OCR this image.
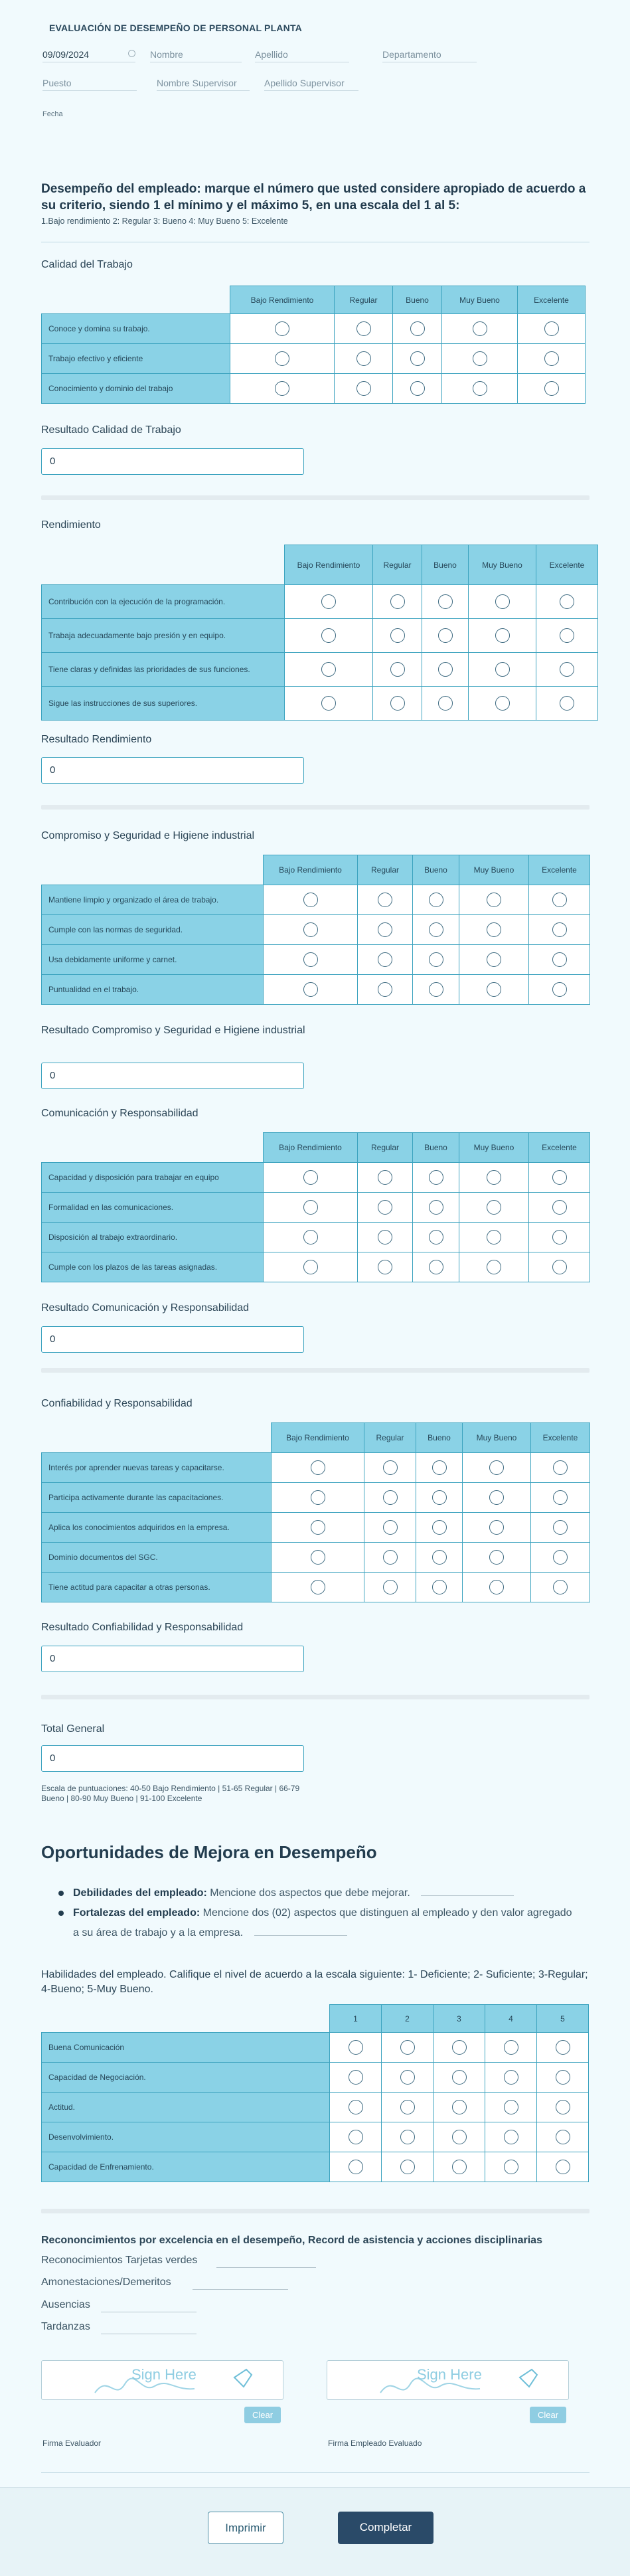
EVALUACIÓN DE DESEMPEÑO DE PERSONAL PLANTA
09/09/2024
Fecha
Nombre	Apellido	Departamento
Puesto	Nombre Supervisor	Apellido Supervisor
Desempeño del empleado: marque el número que usted considere apropiado de acuerdo a su criterio, siendo 1 el mínimo y el máximo 5, en una escala del 1 al 5:
1.Bajo rendimiento 2: Regular 3: Bueno 4: Muy Bueno 5: Excelente
Calidad del Trabajo
	Bajo Rendimiento	Regular	Bueno	Muy Bueno	Excelente
Conoce y domina su trabajo.					
Trabajo efectivo y eficiente					
Conocimiento y dominio del trabajo					
Resultado Calidad de Trabajo
0
Rendimiento
	Bajo Rendimiento	Regular	Bueno	Muy Bueno	Excelente
Contribución con la ejecución de la programación.					
Trabaja adecuadamente bajo presión y en equipo.					
Tiene claras y definidas las prioridades de sus funciones.					
Sigue las instrucciones de sus superiores.					
Resultado Rendimiento
0
Compromiso y Seguridad e Higiene industrial
	Bajo Rendimiento	Regular	Bueno	Muy Bueno	Excelente
Mantiene limpio y organizado el área de trabajo.					
Cumple con las normas de seguridad.					
Usa debidamente uniforme y carnet.					
Puntualidad en el trabajo.					
Resultado Compromiso y Seguridad e Higiene industrial
0
Comunicación y Responsabilidad
	Bajo Rendimiento	Regular	Bueno	Muy Bueno	Excelente
Capacidad y disposición para trabajar en equipo					
Formalidad en las comunicaciones.					
Disposición al trabajo extraordinario.					
Cumple con los plazos de las tareas asignadas.					
Resultado Comunicación y Responsabilidad
0
Confiabilidad y Responsabilidad
	Bajo Rendimiento	Regular	Bueno	Muy Bueno	Excelente
Interés por aprender nuevas tareas y capacitarse.					
Participa activamente durante las capacitaciones.					
Aplica los conocimientos adquiridos en la empresa.					
Dominio documentos del SGC.					
Tiene actitud para capacitar a otras personas.					
Resultado Confiabilidad y Responsabilidad
0
Total General
0
Escala de puntuaciones: 40-50 Bajo Rendimiento | 51-65 Regular | 66-79 Bueno | 80-90 Muy Bueno | 91-100 Excelente
Oportunidades de Mejora en Desempeño
Debilidades del empleado: Mencione dos aspectos que debe mejorar.
Fortalezas del empleado: Mencione dos (02) aspectos que distinguen al empleado y den valor agregado a su área de trabajo y a la empresa.
Habilidades del empleado. Califique el nivel de acuerdo a la escala siguiente: 1- Deficiente; 2- Suficiente; 3-Regular; 4-Bueno; 5-Muy Bueno.
	1	2	3	4	5
Buena Comunicación					
Capacidad de Negociación.					
Actitud.					
Desenvolvimiento.					
Capacidad de Enfrenamiento.					
Recononcimientos por excelencia en el desempeño, Record de asistencia y acciones disciplinarias
Reconocimientos Tarjetas verdes
Amonestaciones/Demeritos
Ausencias
Tardanzas
Sign Here
Clear
Firma Evaluador
Sign Here
Clear
Firma Empleado Evaluado
Imprimir	Completar
